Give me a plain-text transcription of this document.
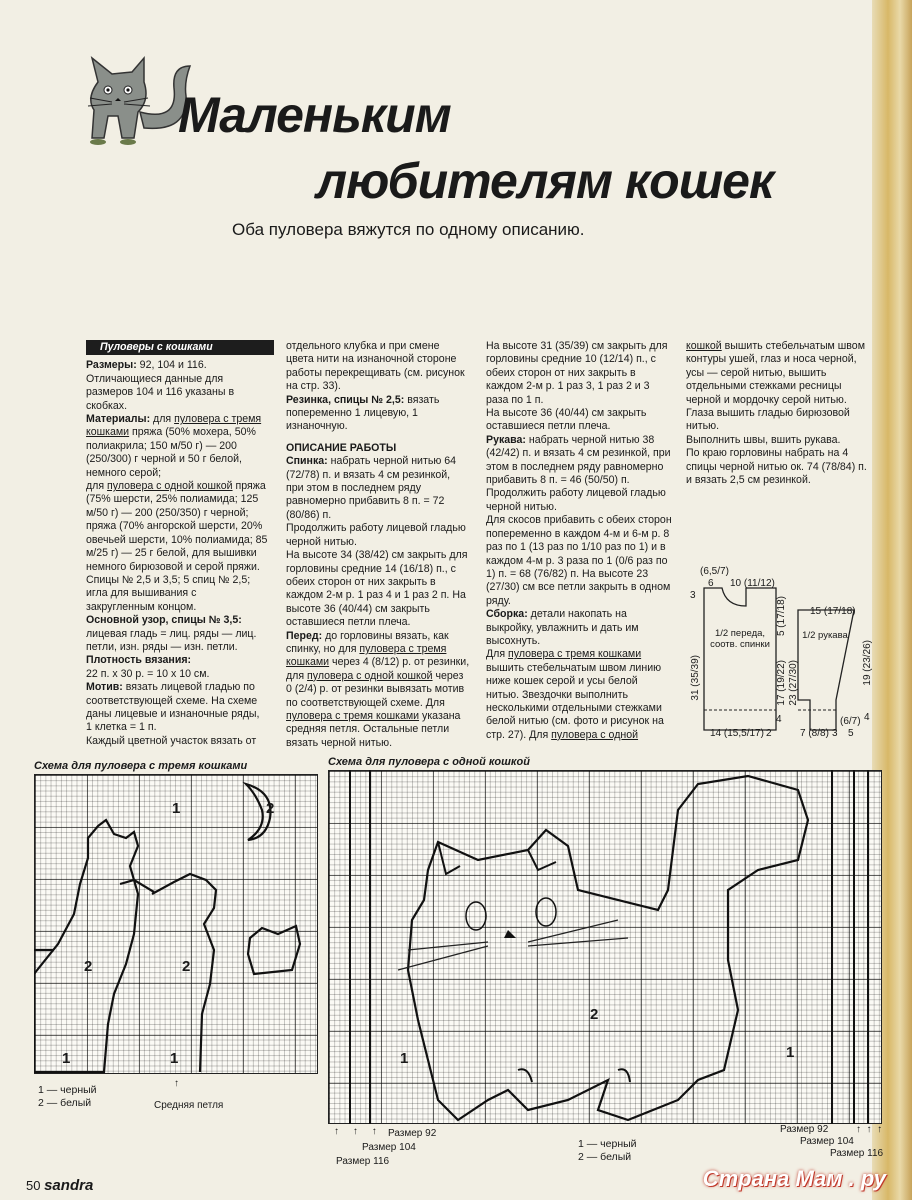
Маленьким
любителям кошек
Оба пуловера вяжутся по одному описанию.
Пуловеры с кошками

Размеры: 92, 104 и 116.

Отличающиеся данные для размеров 104 и 116 указаны в скобках.

Материалы: для пуловера с тремя кошками пряжа (50% мохера, 50% полиакрила; 150 м/50 г) — 200 (250/300) г черной и 50 г белой, немного серой;

для пуловера с одной кошкой пряжа (75% шерсти, 25% полиамида; 125 м/50 г) — 200 (250/350) г черной; пряжа (70% ангорской шерсти, 20% овечьей шерсти, 10% полиамида; 85 м/25 г) — 25 г белой, для вышивки немного бирюзовой и серой пряжи.

Спицы № 2,5 и 3,5; 5 спиц № 2,5; игла для вышивания с закругленным концом.

Основной узор, спицы № 3,5: лицевая гладь = лиц. ряды — лиц. петли, изн. ряды — изн. петли.

Плотность вязания:

22 п. х 30 р. = 10 х 10 см.

Мотив: вязать лицевой гладью по соответствующей схеме. На схеме даны лицевые и изнаночные ряды, 1 клетка = 1 п.

Каждый цветной участок вязать от

отдельного клубка и при смене цвета нити на изнаночной стороне работы перекрещивать (см. рисунок на стр. 33).

Резинка, спицы № 2,5: вязать попеременно 1 лицевую, 1 изнаночную.

ОПИСАНИЕ РАБОТЫ

Спинка: набрать черной нитью 64 (72/78) п. и вязать 4 см резинкой, при этом в последнем ряду равномерно прибавить 8 п. = 72 (80/86) п.

Продолжить работу лицевой гладью черной нитью.

На высоте 34 (38/42) см закрыть для горловины средние 14 (16/18) п., с обеих сторон от них закрыть в каждом 2-м р. 1 раз 4 и 1 раз 2 п. На высоте 36 (40/44) см закрыть оставшиеся петли плеча.

Перед: до горловины вязать, как спинку, но для пуловера с тремя кошками через 4 (8/12) р. от резинки, для пуловера с одной кошкой через 0 (2/4) р. от резинки вывязать мотив по соответствующей схеме. Для пуловера с тремя кошками указана средняя петля. Остальные петли вязать черной нитью.

На высоте 31 (35/39) см закрыть для горловины средние 10 (12/14) п., с обеих сторон от них закрыть в каждом 2-м р. 1 раз 3, 1 раз 2 и 3 раза по 1 п.

На высоте 36 (40/44) см закрыть оставшиеся петли плеча.

Рукава: набрать черной нитью 38 (42/42) п. и вязать 4 см резинкой, при этом в последнем ряду равномерно прибавить 8 п. = 46 (50/50) п.

Продолжить работу лицевой гладью черной нитью.

Для скосов прибавить с обеих сторон попеременно в каждом 4-м и 6-м р. 8 раз по 1 (13 раз по 1/10 раз по 1) и в каждом 4-м р. 3 раза по 1 (0/6 раз по 1) п. = 68 (76/82) п. На высоте 23 (27/30) см все петли закрыть в одном ряду.

Сборка: детали накопать на выкройку, увлажнить и дать им высохнуть.

Для пуловера с тремя кошками вышить стебельчатым швом линию ниже кошек серой и усы белой нитью. Звездочки выполнить несколькими отдельными стежками белой нитью (см. фото и рисунок на стр. 27). Для пуловера с одной

кошкой вышить стебельчатым швом контуры ушей, глаз и носа черной, усы — серой нитью, вышить отдельными стежками ресницы черной и мордочку серой нитью. Глаза вышить гладью бирюзовой нитью.

Выполнить швы, вшить рукава.

По краю горловины набрать на 4 спицы черной нитью ок. 74 (78/84) п. и вязать 2,5 см резинкой.

1/2 переда, соотв. спинки
1/2 рукава
(6,5/7)
6 10 (11/12)
3
31 (35/39)
5 (17/18)
17 (19/22)
4
14 (15,5/17) 2
15 (17/18)
23 (27/30)	19 (23/26)
7 (8/8) 3 5
(6/7) 4
Схема для пуловера с тремя кошками
1	2
2	2
1	1
1 — черный
2 — белый
↑
Средняя петля
Схема для пуловера с одной кошкой
1
2
1
↑     ↑     ↑ Размер 92
Размер 104
Размер 116
1 — черный
2 — белый
Размер 92
Размер 104
Размер 116
↑  ↑  ↑
50 sandra	Страна Мам . ру
